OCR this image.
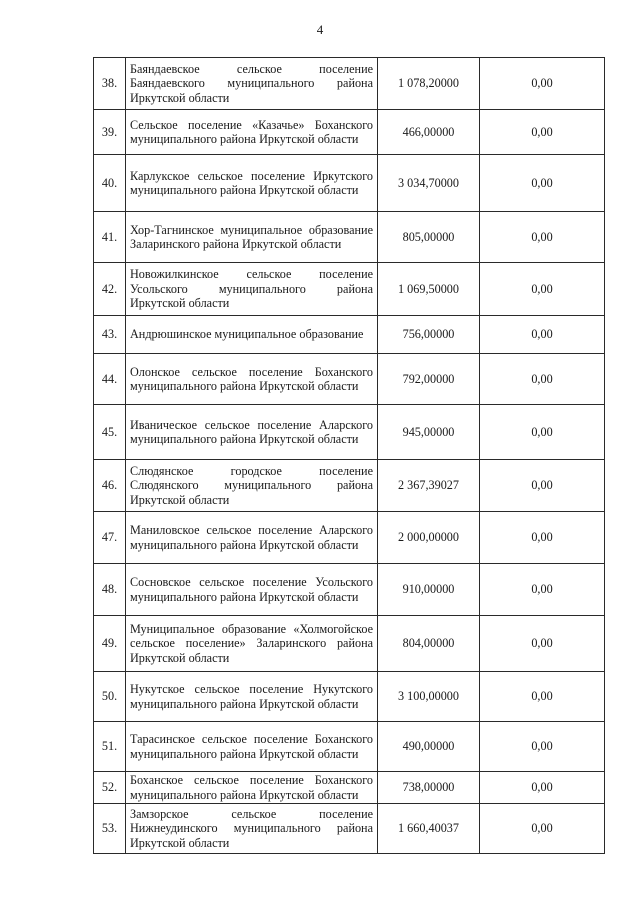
4
38.	Баяндаевское сельское поселение Баяндаевского муниципального района Иркутской области	1 078,20000	0,00
39.	Сельское поселение «Казачье» Боханского муниципального района Иркутской области	466,00000	0,00
40.	Карлукское сельское поселение Иркутского муниципального района Иркутской области	3 034,70000	0,00
41.	Хор-Тагнинское муниципальное образование Заларинского района Иркутской области	805,00000	0,00
42.	Новожилкинское сельское поселение Усольского муниципального района Иркутской области	1 069,50000	0,00
43.	Андрюшинское муниципальное образование	756,00000	0,00
44.	Олонское сельское поселение Боханского муниципального района Иркутской области	792,00000	0,00
45.	Иваническое сельское поселение Аларского муниципального района Иркутской области	945,00000	0,00
46.	Слюдянское городское поселение Слюдянского муниципального района Иркутской области	2 367,39027	0,00
47.	Маниловское сельское поселение Аларского муниципального района Иркутской области	2 000,00000	0,00
48.	Сосновское сельское поселение Усольского муниципального района Иркутской области	910,00000	0,00
49.	Муниципальное образование «Холмогойское сельское поселение» Заларинского района Иркутской области	804,00000	0,00
50.	Нукутское сельское поселение Нукутского муниципального района Иркутской области	3 100,00000	0,00
51.	Тарасинское сельское поселение Боханского муниципального района Иркутской области	490,00000	0,00
52.	Боханское сельское поселение Боханского муниципального района Иркутской области	738,00000	0,00
53.	Замзорское сельское поселение Нижнеудинского муниципального района Иркутской области	1 660,40037	0,00
